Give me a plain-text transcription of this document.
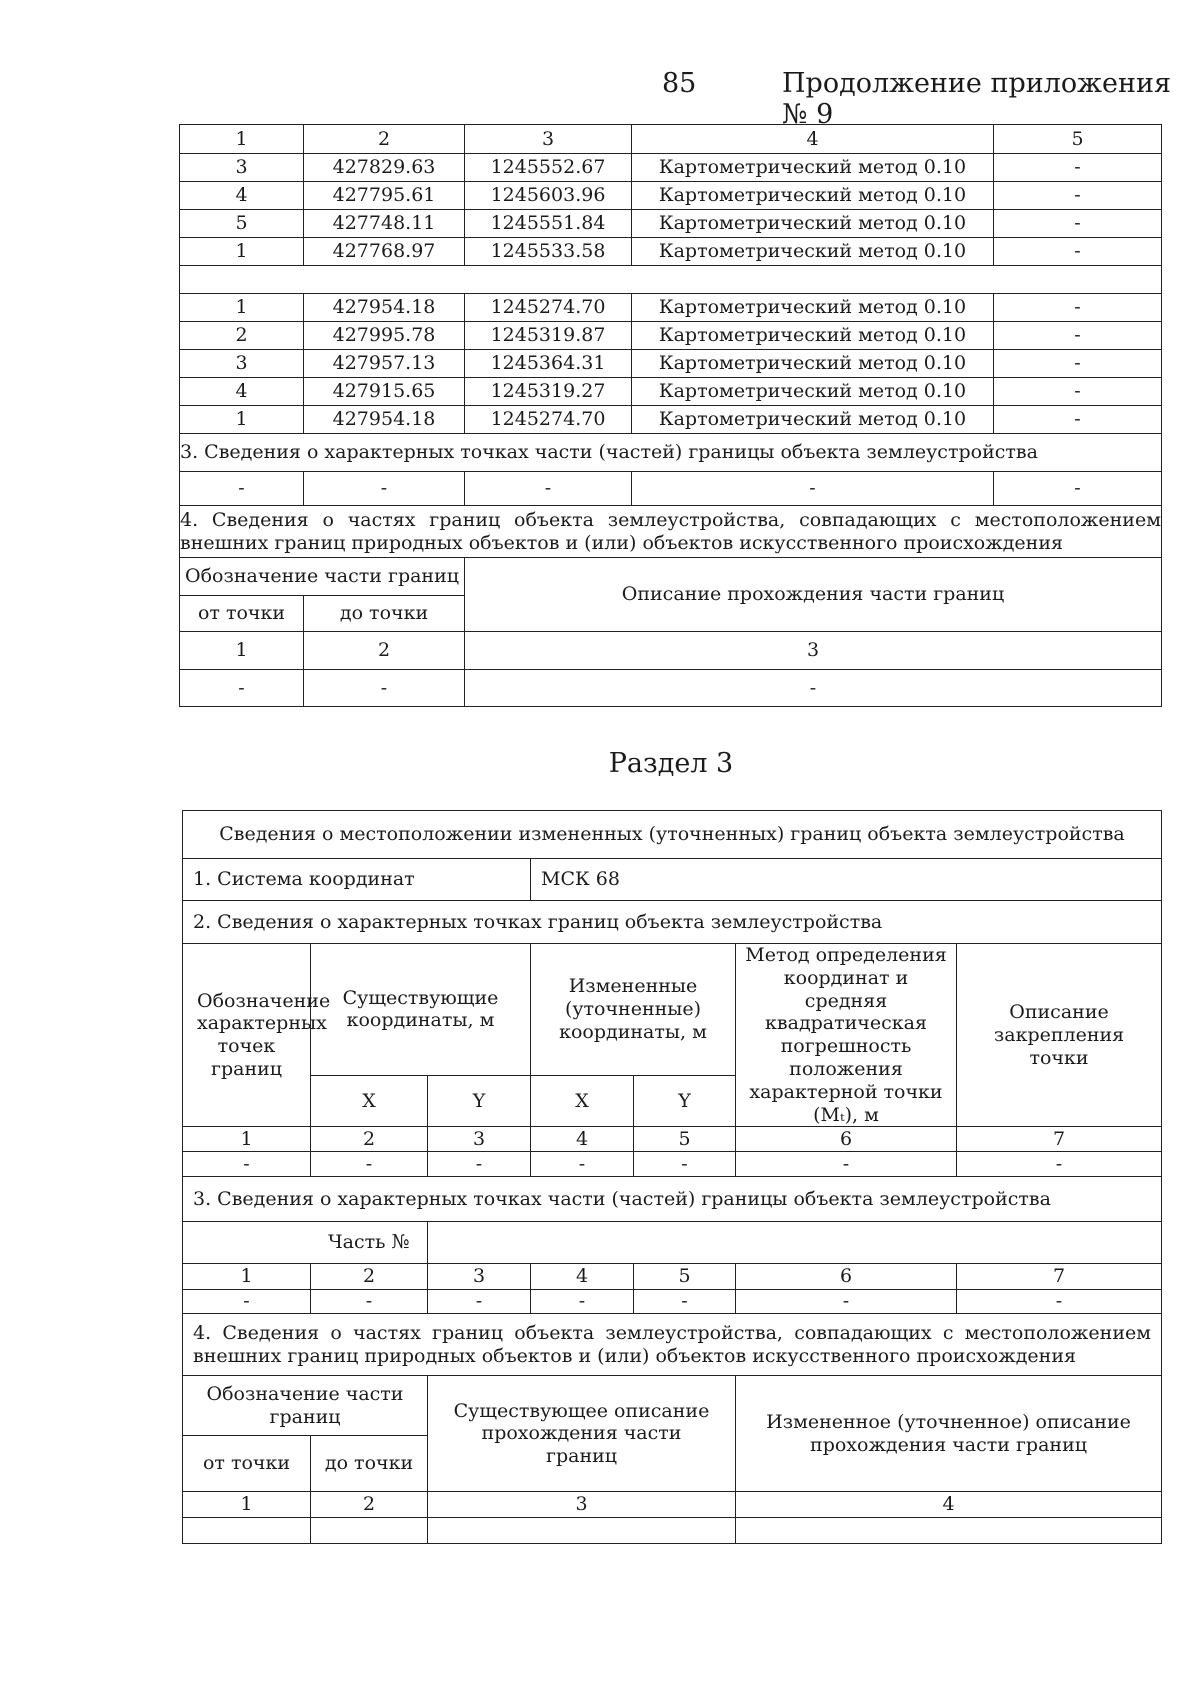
85	Продолжение приложения № 9
1	2	3	4	5
3	427829.63	1245552.67	Картометрический метод 0.10	-
4	427795.61	1245603.96	Картометрический метод 0.10	-
5	427748.11	1245551.84	Картометрический метод 0.10	-
1	427768.97	1245533.58	Картометрический метод 0.10	-

1	427954.18	1245274.70	Картометрический метод 0.10	-
2	427995.78	1245319.87	Картометрический метод 0.10	-
3	427957.13	1245364.31	Картометрический метод 0.10	-
4	427915.65	1245319.27	Картометрический метод 0.10	-
1	427954.18	1245274.70	Картометрический метод 0.10	-
3. Сведения о характерных точках части (частей) границы объекта землеустройства				
-	-	-	-	-
4. Сведения о частях границ объекта землеустройства, совпадающих с местоположением внешних границ природных объектов и (или) объектов искусственного происхождения				
Обозначение части границ		Описание прохождения части границ		
от точки	до точки			
1	2	3		
-	-	-		
Раздел 3
Сведения о местоположении измененных (уточненных) границ объекта землеустройства						
1. Система координат			МСК 68			
2. Сведения о характерных точках границ объекта землеустройства						
Обозначение характерных точек границ	Существующие координаты, м		Измененные (уточненные) координаты, м		Метод определения координат и средняя квадратическая погрешность положения характерной точки (Mₜ), м	Описание закрепления точки
	X	Y	X	Y		
1	2	3	4	5	6	7
-	-	-	-	-	-	-
3. Сведения о характерных точках части (частей) границы объекта землеустройства						
	Часть №					
1	2	3	4	5	6	7
-	-	-	-	-	-	-
4. Сведения о частях границ объекта землеустройства, совпадающих с местоположением внешних границ природных объектов и (или) объектов искусственного происхождения						
Обозначение части границ		Существующее описание прохождения части границ			Измененное (уточненное) описание прохождения части границ	
от точки	до точки					
1	2	3			4	
